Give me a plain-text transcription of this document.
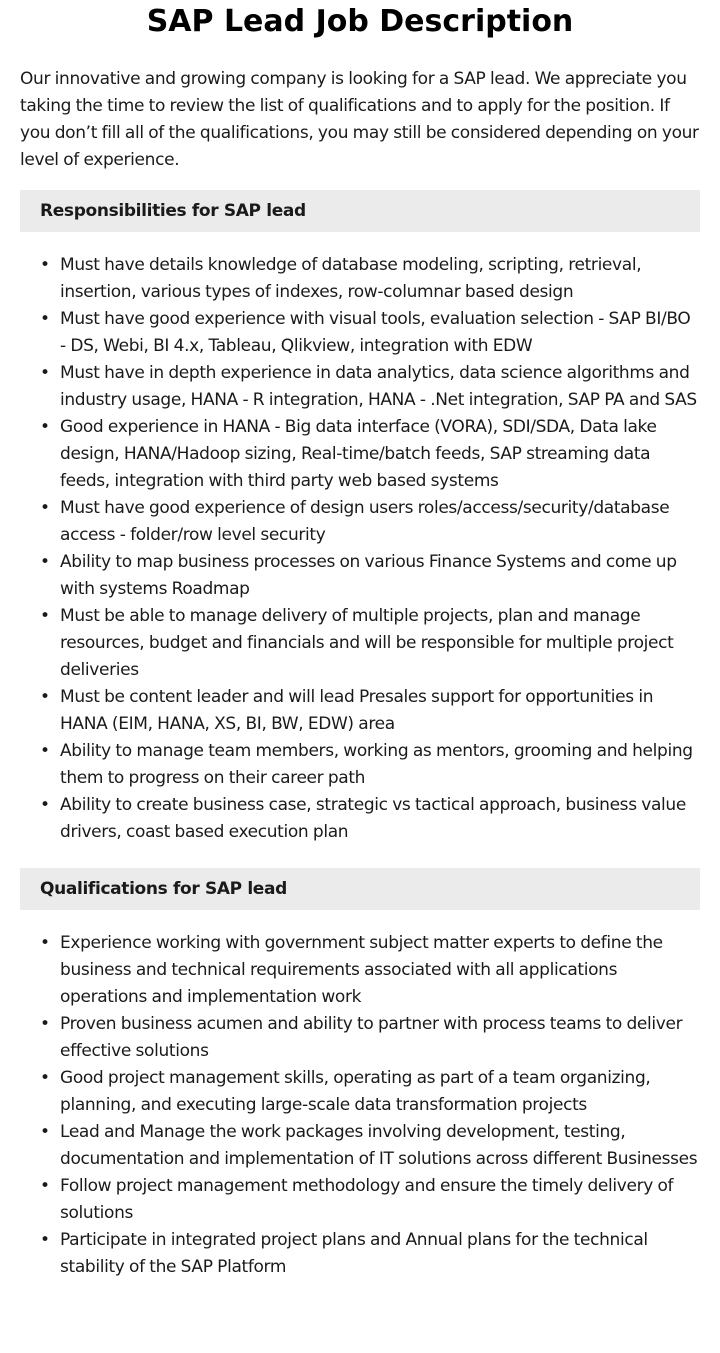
SAP Lead Job Description

Our innovative and growing company is looking for a SAP lead. We appreciate you taking the time to review the list of qualifications and to apply for the position. If you don’t fill all of the qualifications, you may still be considered depending on your level of experience.

Responsibilities for SAP lead
• Must have details knowledge of database modeling, scripting, retrieval, insertion, various types of indexes, row-columnar based design
• Must have good experience with visual tools, evaluation selection - SAP BI/BO - DS, Webi, BI 4.x, Tableau, Qlikview, integration with EDW
• Must have in depth experience in data analytics, data science algorithms and industry usage, HANA - R integration, HANA - .Net integration, SAP PA and SAS
• Good experience in HANA - Big data interface (VORA), SDI/SDA, Data lake design, HANA/Hadoop sizing, Real-time/batch feeds, SAP streaming data feeds, integration with third party web based systems
• Must have good experience of design users roles/access/security/database access - folder/row level security
• Ability to map business processes on various Finance Systems and come up with systems Roadmap
• Must be able to manage delivery of multiple projects, plan and manage resources, budget and financials and will be responsible for multiple project deliveries
• Must be content leader and will lead Presales support for opportunities in HANA (EIM, HANA, XS, BI, BW, EDW) area
• Ability to manage team members, working as mentors, grooming and helping them to progress on their career path
• Ability to create business case, strategic vs tactical approach, business value drivers, coast based execution plan
Qualifications for SAP lead
• Experience working with government subject matter experts to define the business and technical requirements associated with all applications operations and implementation work
• Proven business acumen and ability to partner with process teams to deliver effective solutions
• Good project management skills, operating as part of a team organizing, planning, and executing large-scale data transformation projects
• Lead and Manage the work packages involving development, testing, documentation and implementation of IT solutions across different Businesses
• Follow project management methodology and ensure the timely delivery of solutions
• Participate in integrated project plans and Annual plans for the technical stability of the SAP Platform
